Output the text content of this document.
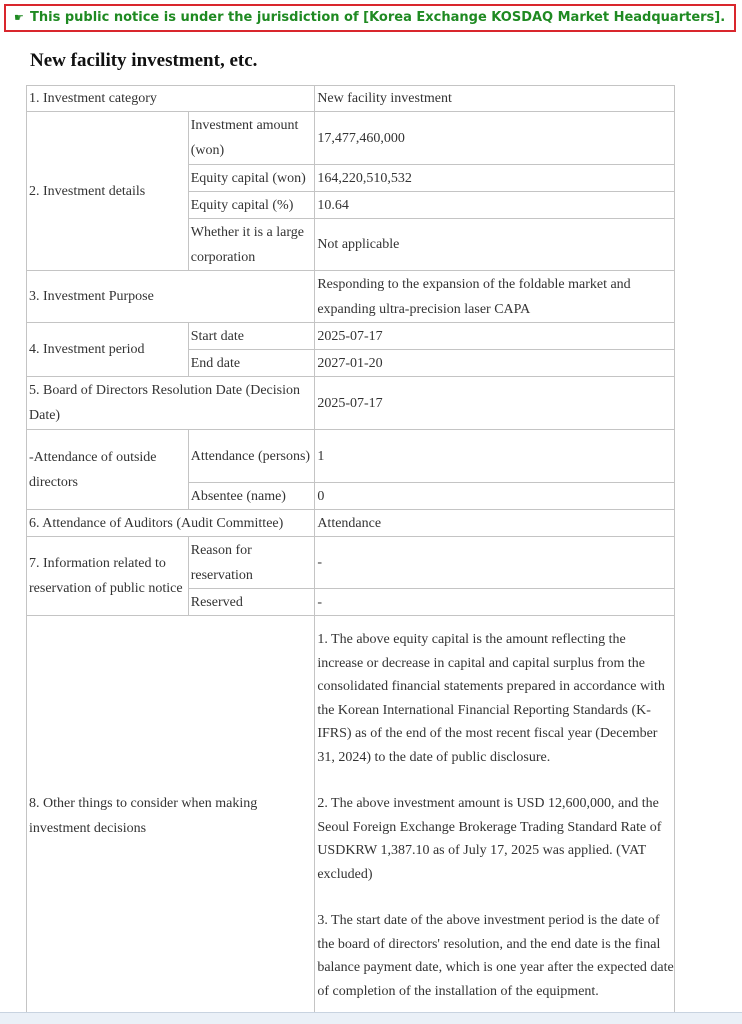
☛ This public notice is under the jurisdiction of [Korea Exchange KOSDAQ Market Headquarters].
New facility investment, etc.
1. Investment category	New facility investment
2. Investment details	Investment amount (won)	17,477,460,000
Equity capital (won)	164,220,510,532
Equity capital (%)	10.64
Whether it is a large corporation	Not applicable
3. Investment Purpose	Responding to the expansion of the foldable market and expanding ultra-precision laser CAPA
4. Investment period	Start date	2025-07-17
End date	2027-01-20
5. Board of Directors Resolution Date (Decision Date)	2025-07-17
-Attendance of outside directors	Attendance (persons)	1
Absentee (name)	0
6. Attendance of Auditors (Audit Committee)	Attendance
7. Information related to reservation of public notice	Reason for reservation	-
Reserved	-
8. Other things to consider when making investment decisions	

1. The above equity capital is the amount reflecting the increase or decrease in capital and capital surplus from the consolidated financial statements prepared in accordance with the Korean International Financial Reporting Standards (K-IFRS) as of the end of the most recent fiscal year (December 31, 2024) to the date of public disclosure.

2. The above investment amount is USD 12,600,000, and the Seoul Foreign Exchange Brokerage Trading Standard Rate of USDKRW 1,387.10 as of July 17, 2025 was applied. (VAT excluded)

3. The start date of the above investment period is the date of the board of directors' resolution, and the end date is the final balance payment date, which is one year after the expected date of completion of the installation of the equipment.
